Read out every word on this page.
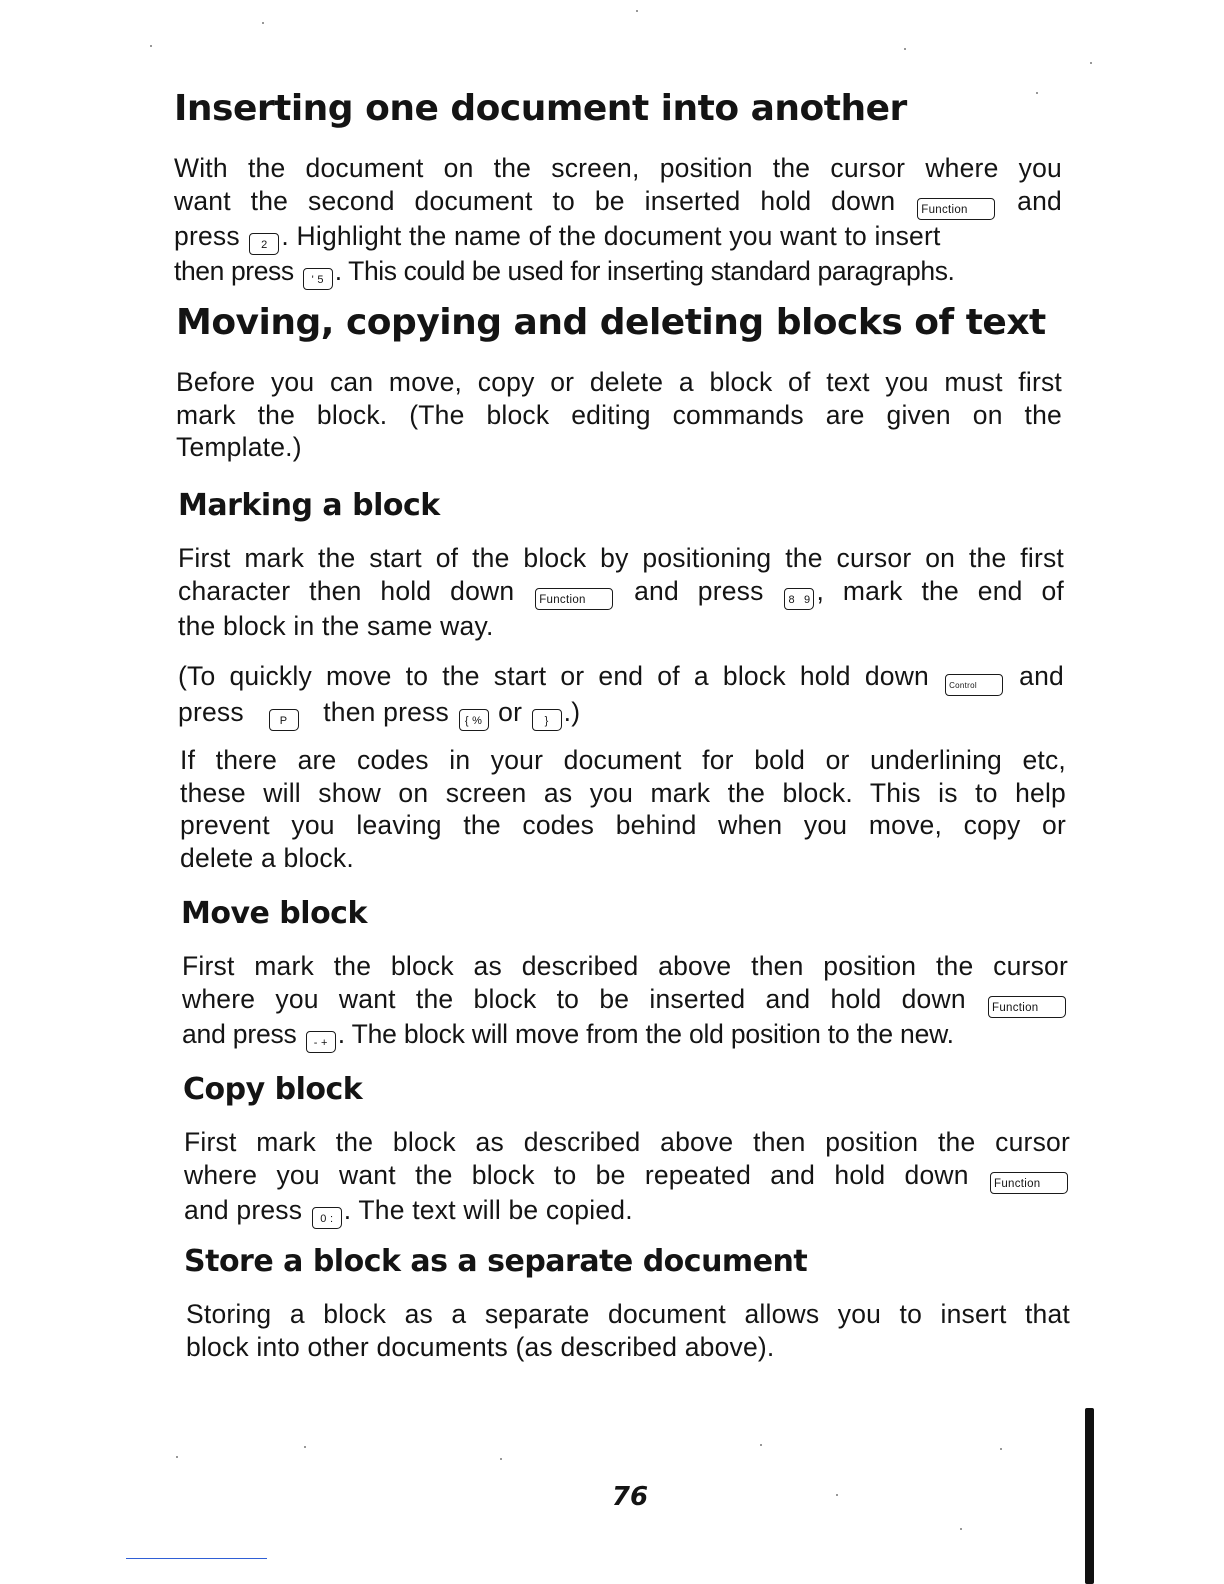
Inserting one document into another
With the document on the screen, position the cursor where you
want the second document to be inserted hold down Function and
press 2 . Highlight the name of the document you want to insert
then press ' 5 . This could be used for inserting standard paragraphs.
Moving, copying and deleting blocks of text
Before you can move, copy or delete a block of text you must first
mark the block. (The block editing commands are given on the
Template.)
Marking a block
First mark the start of the block by positioning the cursor on the first
character then hold down Function and press 8 9 , mark the end of
the block in the same way.
(To quickly move to the start or end of a block hold down	Control and
press	P then press { % or } .)
If there are codes in your document for bold or underlining etc,
these will show on screen as you mark the block. This is to help
prevent you leaving the codes behind when you move, copy or
delete a block.
Move block
First mark the block as described above then position the cursor
where you want the block to be inserted and hold down Function
and press - + . The block will move from the old position to the new.
Copy block
First mark the block as described above then position the cursor
where you want the block to be repeated and hold down Function
and press 0 : . The text will be copied.
Store a block as a separate document
Storing a block as a separate document allows you to insert that
block into other documents (as described above).
76
